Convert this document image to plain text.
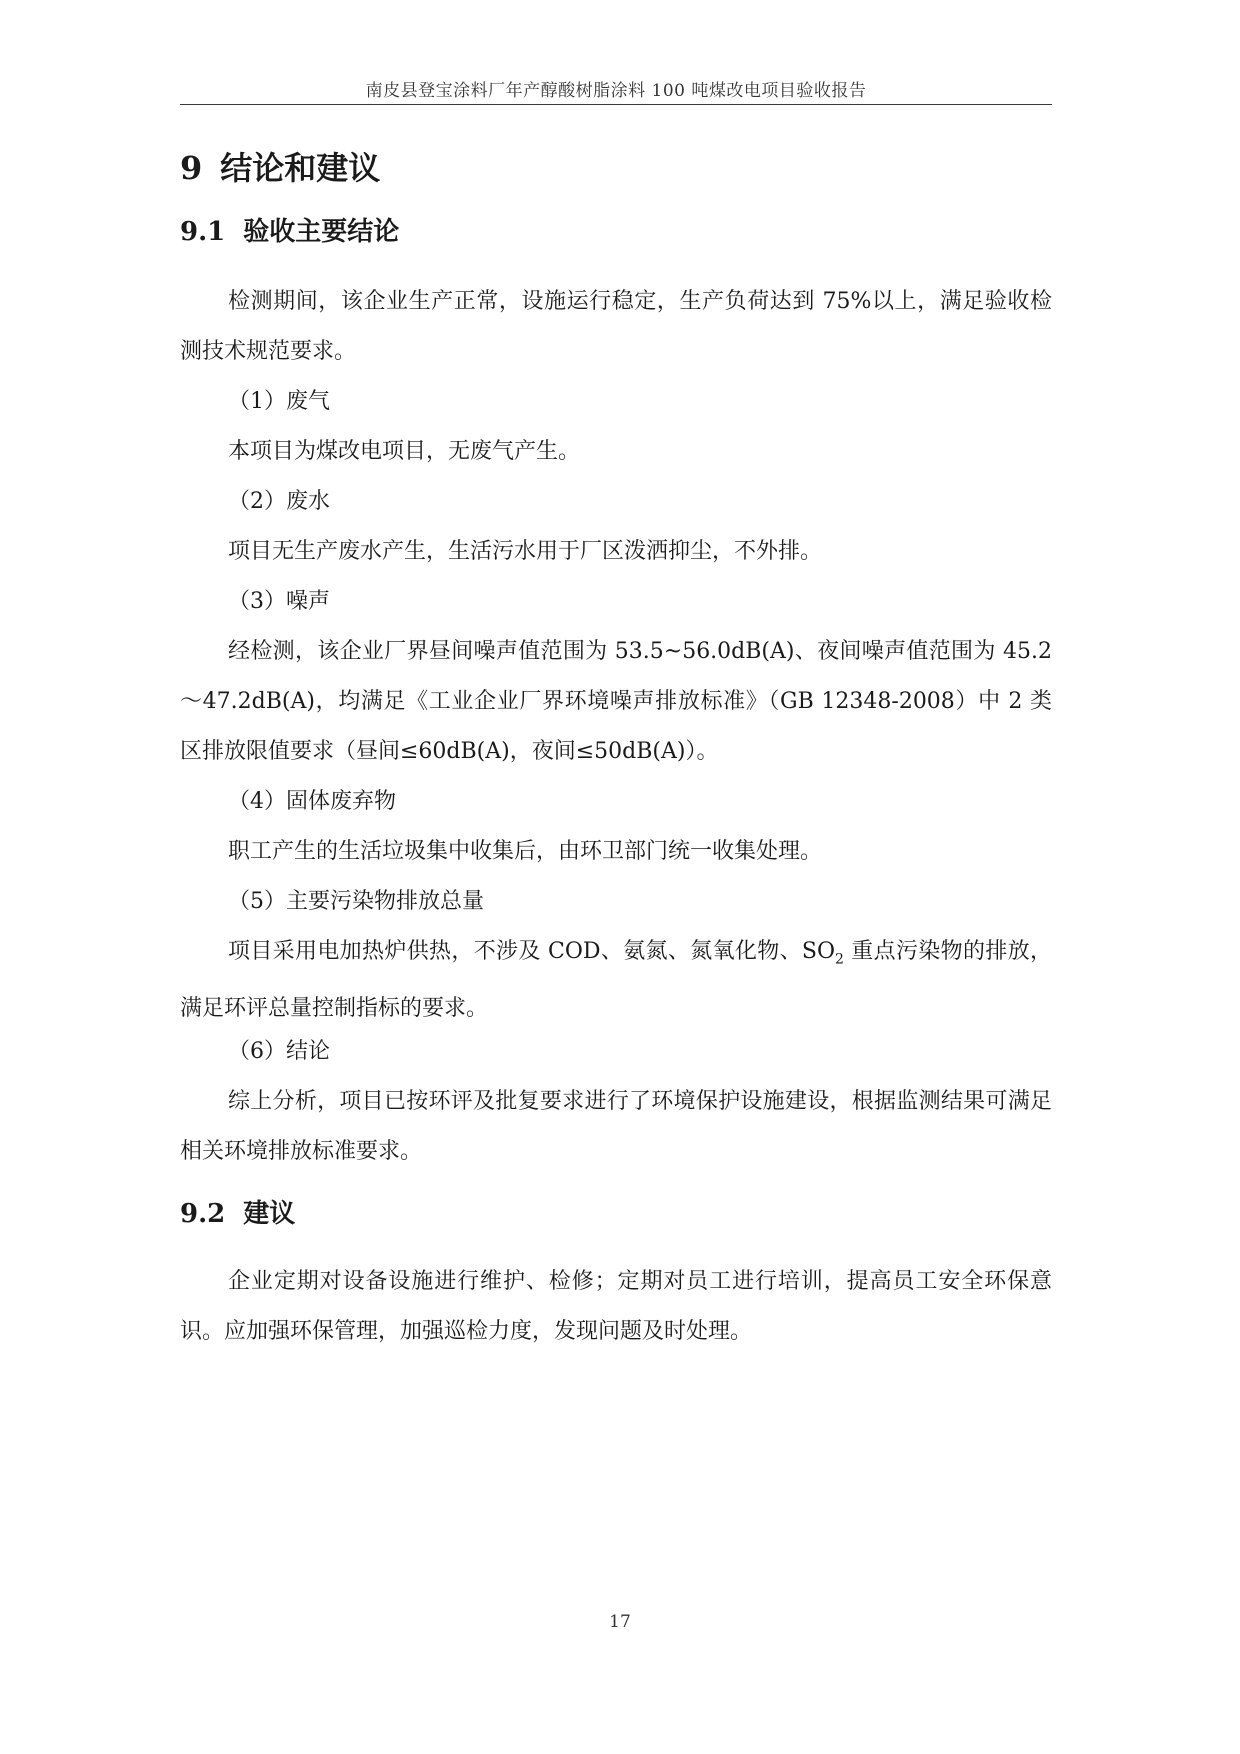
南皮县登宝涂料厂年产醇酸树脂涂料 100 吨煤改电项目验收报告
9 结论和建议
9.1 验收主要结论

检测期间，该企业生产正常，设施运行稳定，生产负荷达到 75%以上，满足验收检测技术规范要求。

（1）废气

本项目为煤改电项目，无废气产生。

（2）废水

项目无生产废水产生，生活污水用于厂区泼洒抑尘，不外排。

（3）噪声

经检测，该企业厂界昼间噪声值范围为 53.5~56.0dB(A)、夜间噪声值范围为 45.2～47.2dB(A)，均满足《工业企业厂界环境噪声排放标准》（GB 12348-2008）中 2 类区排放限值要求（昼间≤60dB(A)，夜间≤50dB(A)）。

（4）固体废弃物

职工产生的生活垃圾集中收集后，由环卫部门统一收集处理。

（5）主要污染物排放总量

项目采用电加热炉供热，不涉及 COD、氨氮、氮氧化物、$SO_2$ 重点污染物的排放，满足环评总量控制指标的要求。

（6）结论

综上分析，项目已按环评及批复要求进行了环境保护设施建设，根据监测结果可满足相关环境排放标准要求。

9.2 建议

企业定期对设备设施进行维护、检修；定期对员工进行培训，提高员工安全环保意识。应加强环保管理，加强巡检力度，发现问题及时处理。

17
